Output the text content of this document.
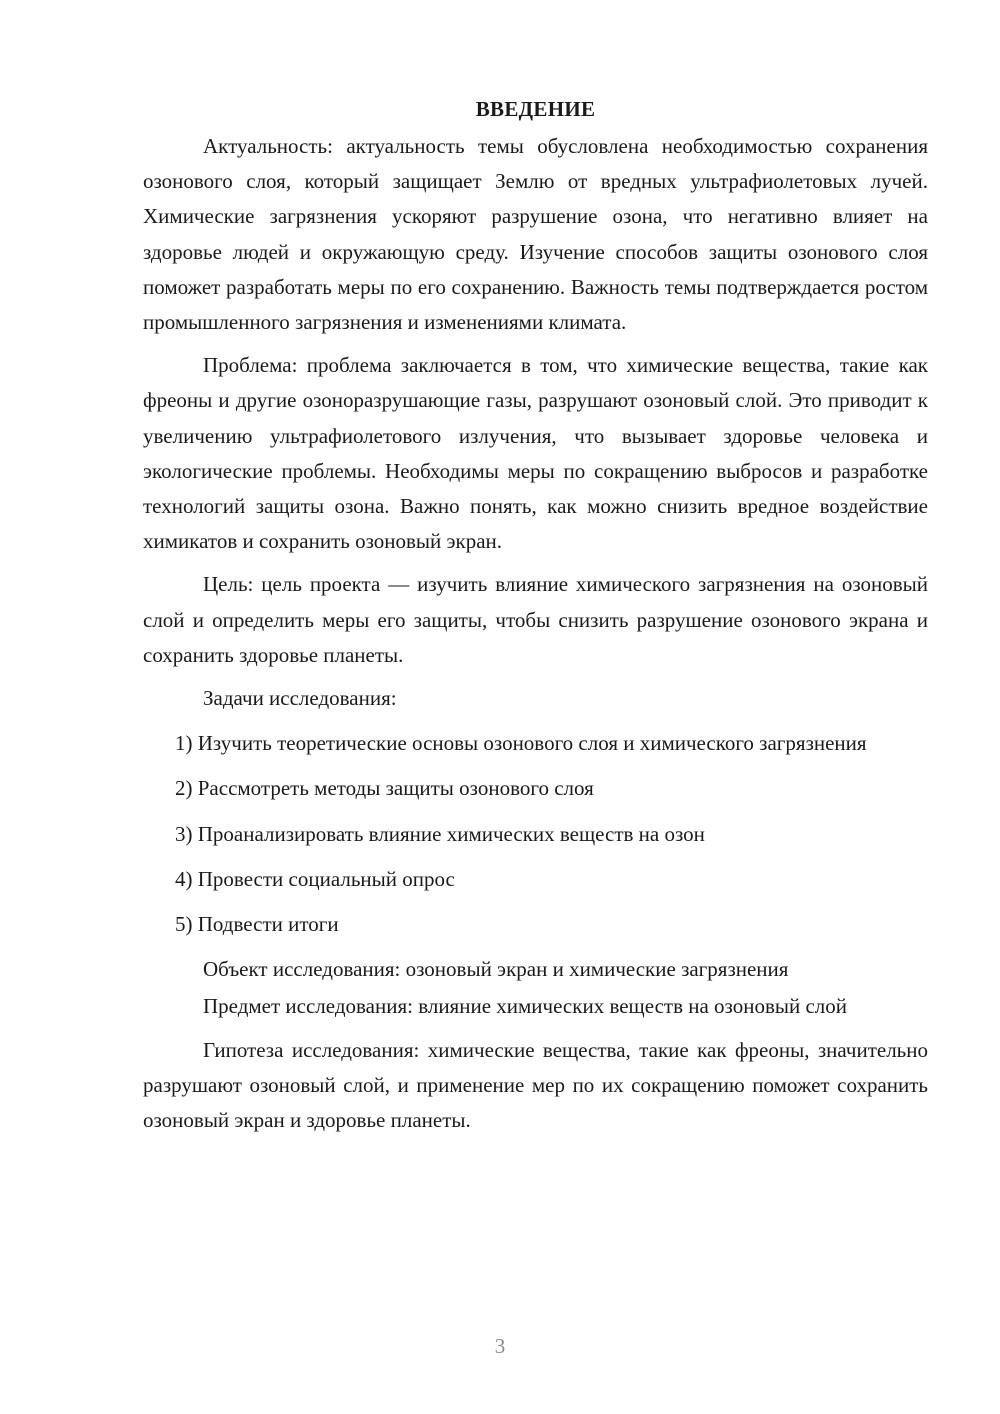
ВВЕДЕНИЕ

Актуальность: актуальность темы обусловлена необходимостью сохранения озонового слоя, который защищает Землю от вредных ультрафиолетовых лучей. Химические загрязнения ускоряют разрушение озона, что негативно влияет на здоровье людей и окружающую среду. Изучение способов защиты озонового слоя поможет разработать меры по его сохранению. Важность темы подтверждается ростом промышленного загрязнения и изменениями климата.

Проблема: проблема заключается в том, что химические вещества, такие как фреоны и другие озоноразрушающие газы, разрушают озоновый слой. Это приводит к увеличению ультрафиолетового излучения, что вызывает здоровье человека и экологические проблемы. Необходимы меры по сокращению выбросов и разработке технологий защиты озона. Важно понять, как можно снизить вредное воздействие химикатов и сохранить озоновый экран.

Цель: цель проекта — изучить влияние химического загрязнения на озоновый слой и определить меры его защиты, чтобы снизить разрушение озонового экрана и сохранить здоровье планеты.

Задачи исследования:

1) Изучить теоретические основы озонового слоя и химического загрязнения

2) Рассмотреть методы защиты озонового слоя

3) Проанализировать влияние химических веществ на озон

4) Провести социальный опрос

5) Подвести итоги

Объект исследования: озоновый экран и химические загрязнения

Предмет исследования: влияние химических веществ на озоновый слой

Гипотеза исследования: химические вещества, такие как фреоны, значительно разрушают озоновый слой, и применение мер по их сокращению поможет сохранить озоновый экран и здоровье планеты.

3
